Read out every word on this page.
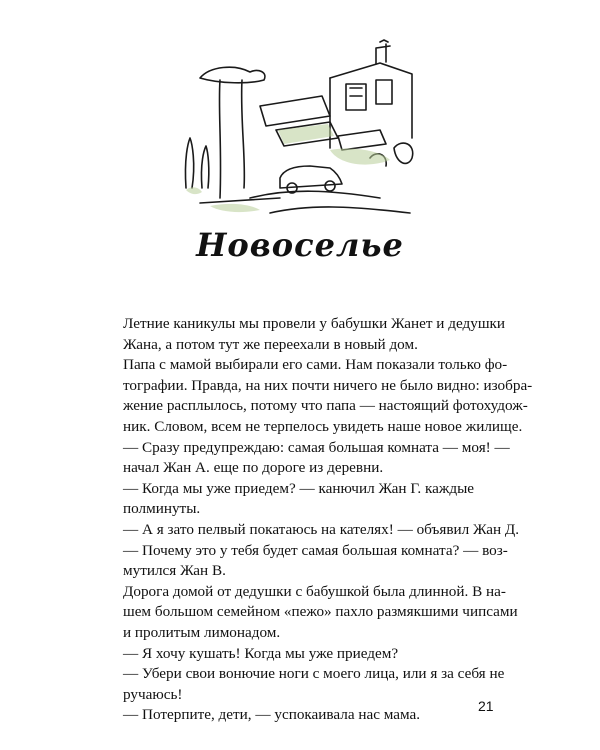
Новоселье

Летние каникулы мы провели у бабушки Жанет и дедушки
Жана, а потом тут же переехали в новый дом.

Папа с мамой выбирали его сами. Нам показали только фо-
тографии. Правда, на них почти ничего не было видно: изобра-
жение расплылось, потому что папа — настоящий фотохудож-
ник. Словом, всем не терпелось увидеть наше новое жилище.

— Сразу предупреждаю: самая большая комната — моя! —
начал Жан А. еще по дороге из деревни.

— Когда мы уже приедем? — канючил Жан Г. каждые
полминуты.

— А я зато пелвый покатаюсь на кателях! — объявил Жан Д.

— Почему это у тебя будет самая большая комната? — воз-
мутился Жан В.

Дорога домой от дедушки с бабушкой была длинной. В на-
шем большом семейном «пежо» пахло размякшими чипсами
и пролитым лимонадом.

— Я хочу кушать! Когда мы уже приедем?

— Убери свои вонючие ноги с моего лица, или я за себя не
ручаюсь!

— Потерпите, дети, — успокаивала нас мама.

21
